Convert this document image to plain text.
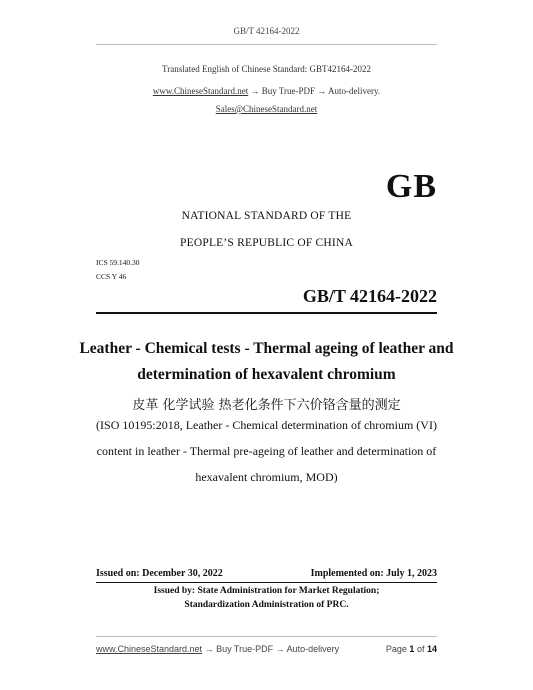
GB/T 42164-2022
Translated English of Chinese Standard: GBT42164-2022
www.ChineseStandard.net → Buy True-PDF → Auto-delivery.
Sales@ChineseStandard.net
GB
NATIONAL STANDARD OF THE
PEOPLE’S REPUBLIC OF CHINA
ICS 59.140.30
CCS Y 46
GB/T 42164-2022
Leather - Chemical tests - Thermal ageing of leather and
determination of hexavalent chromium
皮革 化学试验 热老化条件下六价铬含量的测定
(ISO 10195:2018, Leather - Chemical determination of chromium (VI)
content in leather - Thermal pre-ageing of leather and determination of
hexavalent chromium, MOD)
Issued on: December 30, 2022	Implemented on: July 1, 2023
Issued by: State Administration for Market Regulation;
Standardization Administration of PRC.
www.ChineseStandard.net → Buy True-PDF → Auto-delivery	Page 1 of 14
